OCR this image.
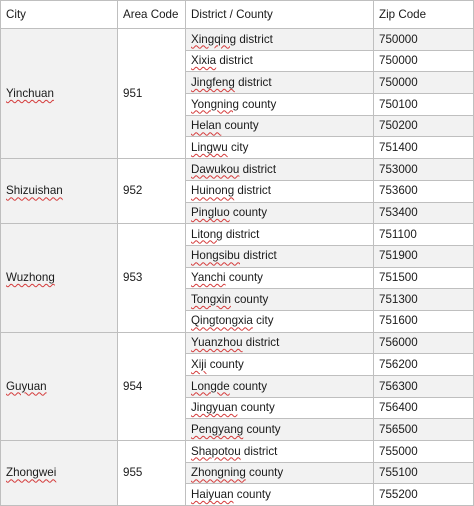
City	Area Code	District / County	Zip Code
Yinchuan	951	Xingqing district	750000
		Xixia district	750000
		Jingfeng district	750000
		Yongning county	750100
		Helan county	750200
		Lingwu city	751400
Shizuishan	952	Dawukou district	753000
		Huinong district	753600
		Pingluo county	753400
Wuzhong	953	Litong district	751100
		Hongsibu district	751900
		Yanchi county	751500
		Tongxin county	751300
		Qingtongxia city	751600
Guyuan	954	Yuanzhou district	756000
		Xiji county	756200
		Longde county	756300
		Jingyuan county	756400
		Pengyang county	756500
Zhongwei	955	Shapotou district	755000
		Zhongning county	755100
		Haiyuan county	755200
